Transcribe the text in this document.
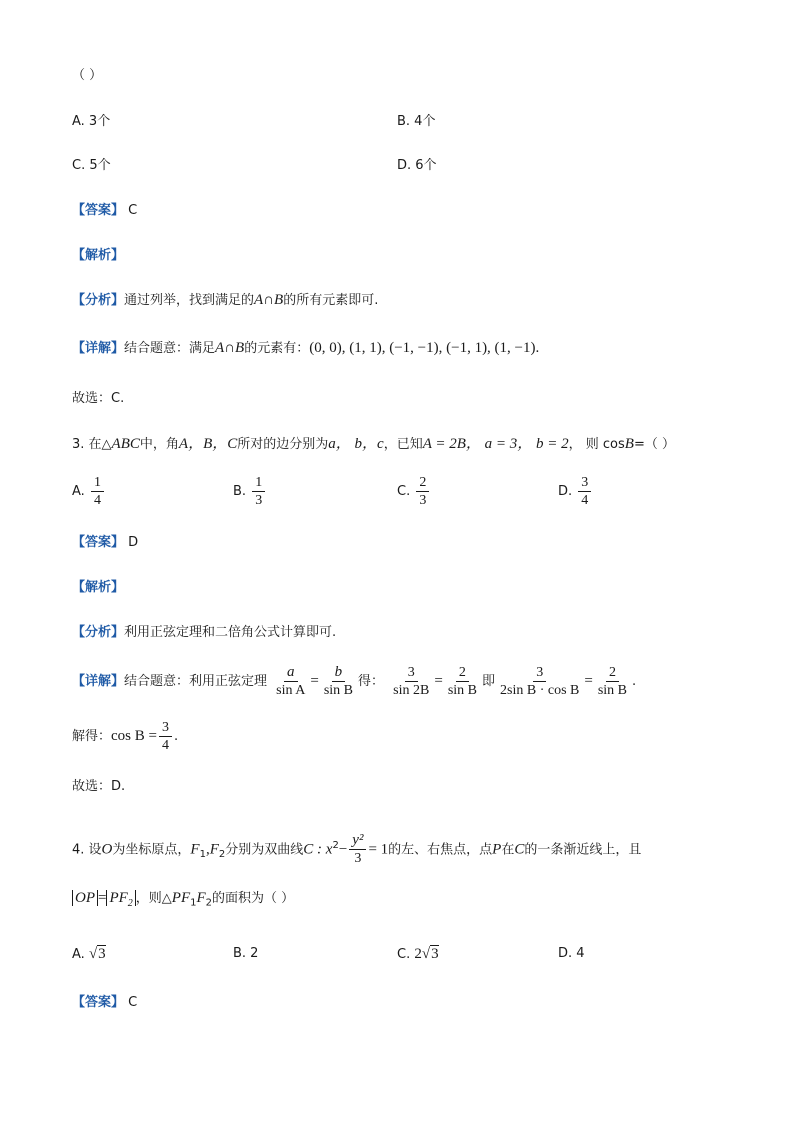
（ ）
A. 3个	B. 4个
C. 5个	D. 6个
【答案】 C
【解析】
【分析】通过列举，找到满足的A∩B的所有元素即可.
【详解】结合题意：满足A∩B的元素有：(0, 0), (1, 1), (−1, −1), (−1, 1), (1, −1).
故选：C.
3. 在△ABC中，角A，B，C所对的边分别为a， b，c，已知A = 2B， a = 3， b = 2， 则 cosB=（ ）
A. $\frac{1}{4}$	B. $\frac{1}{3}$	C. $\frac{2}{3}$	D. $\frac{3}{4}$
【答案】 D
【解析】
【分析】利用正弦定理和二倍角公式计算即可.
【详解】结合题意：利用正弦定理 $\frac{a}{\text{sin A}} = \frac{b}{\text{sin B}}$ 得： $\frac{3}{\sin 2B} = \frac{2}{\text{sin B}}$ 即 $\frac{3}{\text{2sin B · cos B}} = \frac{2}{\text{sin B}}$ .
解得：$\cos B = \frac{3}{4}$ .
故选：D.
4. 设O为坐标原点，$F_1,F_2$分别为双曲线C : $x^2- \frac{\text{y²}}{3} = 1$的左、右焦点，点P在C的一条渐近线上，且
OP = $PF_2$ ，则$\triangle PF_1F_2$的面积为（ ）
A. √3	B. 2	C. 2√3	D. 4
【答案】 C
